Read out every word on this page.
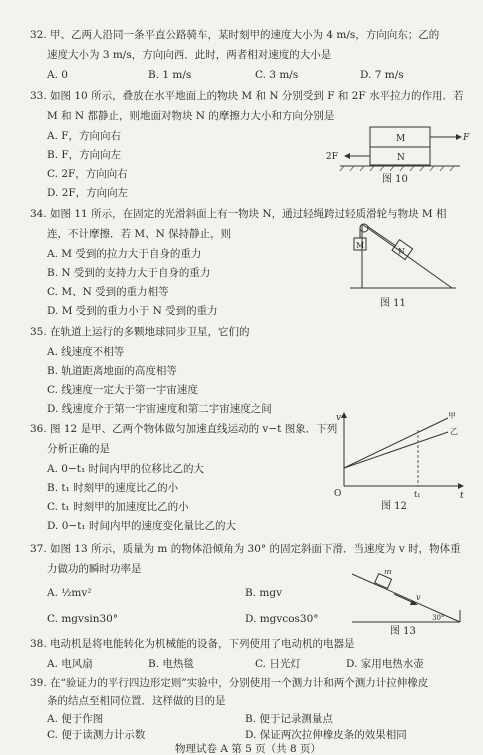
32. 甲、乙两人沿同一条平直公路骑车，某时刻甲的速度大小为 4 m/s，方向向东；乙的
速度大小为 3 m/s，方向向西．此时，两者相对速度的大小是
A. 0	B. 1 m/s	C. 3 m/s	D. 7 m/s
33. 如图 10 所示，叠放在水平地面上的物块 M 和 N 分别受到 F 和 2F 水平拉力的作用．若
M 和 N 都静止，则地面对物块 N 的摩擦力大小和方向分别是
A. F，方向向右
B. F，方向向左
C. 2F，方向向右
D. 2F，方向向左
M
N
F
2F
图 10
34. 如图 11 所示，在固定的光滑斜面上有一物块 N，通过轻绳跨过轻质滑轮与物块 M 相
连，不计摩擦．若 M、N 保持静止，则
A. M 受到的拉力大于自身的重力
B. N 受到的支持力大于自身的重力
C. M、N 受到的重力相等
D. M 受到的重力小于 N 受到的重力
M
N
图 11
35. 在轨道上运行的多颗地球同步卫星，它们的
A. 线速度不相等
B. 轨道距离地面的高度相等
C. 线速度一定大于第一宇宙速度
D. 线速度介于第一宇宙速度和第二宇宙速度之间
36. 图 12 是甲、乙两个物体做匀加速直线运动的 v−t 图象．下列
分析正确的是
A. 0−t₁ 时间内甲的位移比乙的大
B. t₁ 时刻甲的速度比乙的小
C. t₁ 时刻甲的加速度比乙的小
D. 0−t₁ 时间内甲的速度变化量比乙的大
v
t
O	t₁
甲
乙
图 12
37. 如图 13 所示，质量为 m 的物体沿倾角为 30° 的固定斜面下滑．当速度为 v 时，物体重
力做功的瞬时功率是
A. ½mv²	B. mgv
C. mgvsin30°	D. mgvcos30°
m
v
30°
图 13
38. 电动机是将电能转化为机械能的设备，下列使用了电动机的电器是
A. 电风扇	B. 电热毯	C. 日光灯	D. 家用电热水壶
39. 在“验证力的平行四边形定则”实验中，分别使用一个测力计和两个测力计拉伸橡皮
条的结点至相同位置．这样做的目的是
A. 便于作图	B. 便于记录测量点
C. 便于读测力计示数	D. 保证两次拉伸橡皮条的效果相同
物理试卷 A 第 5 页（共 8 页）
